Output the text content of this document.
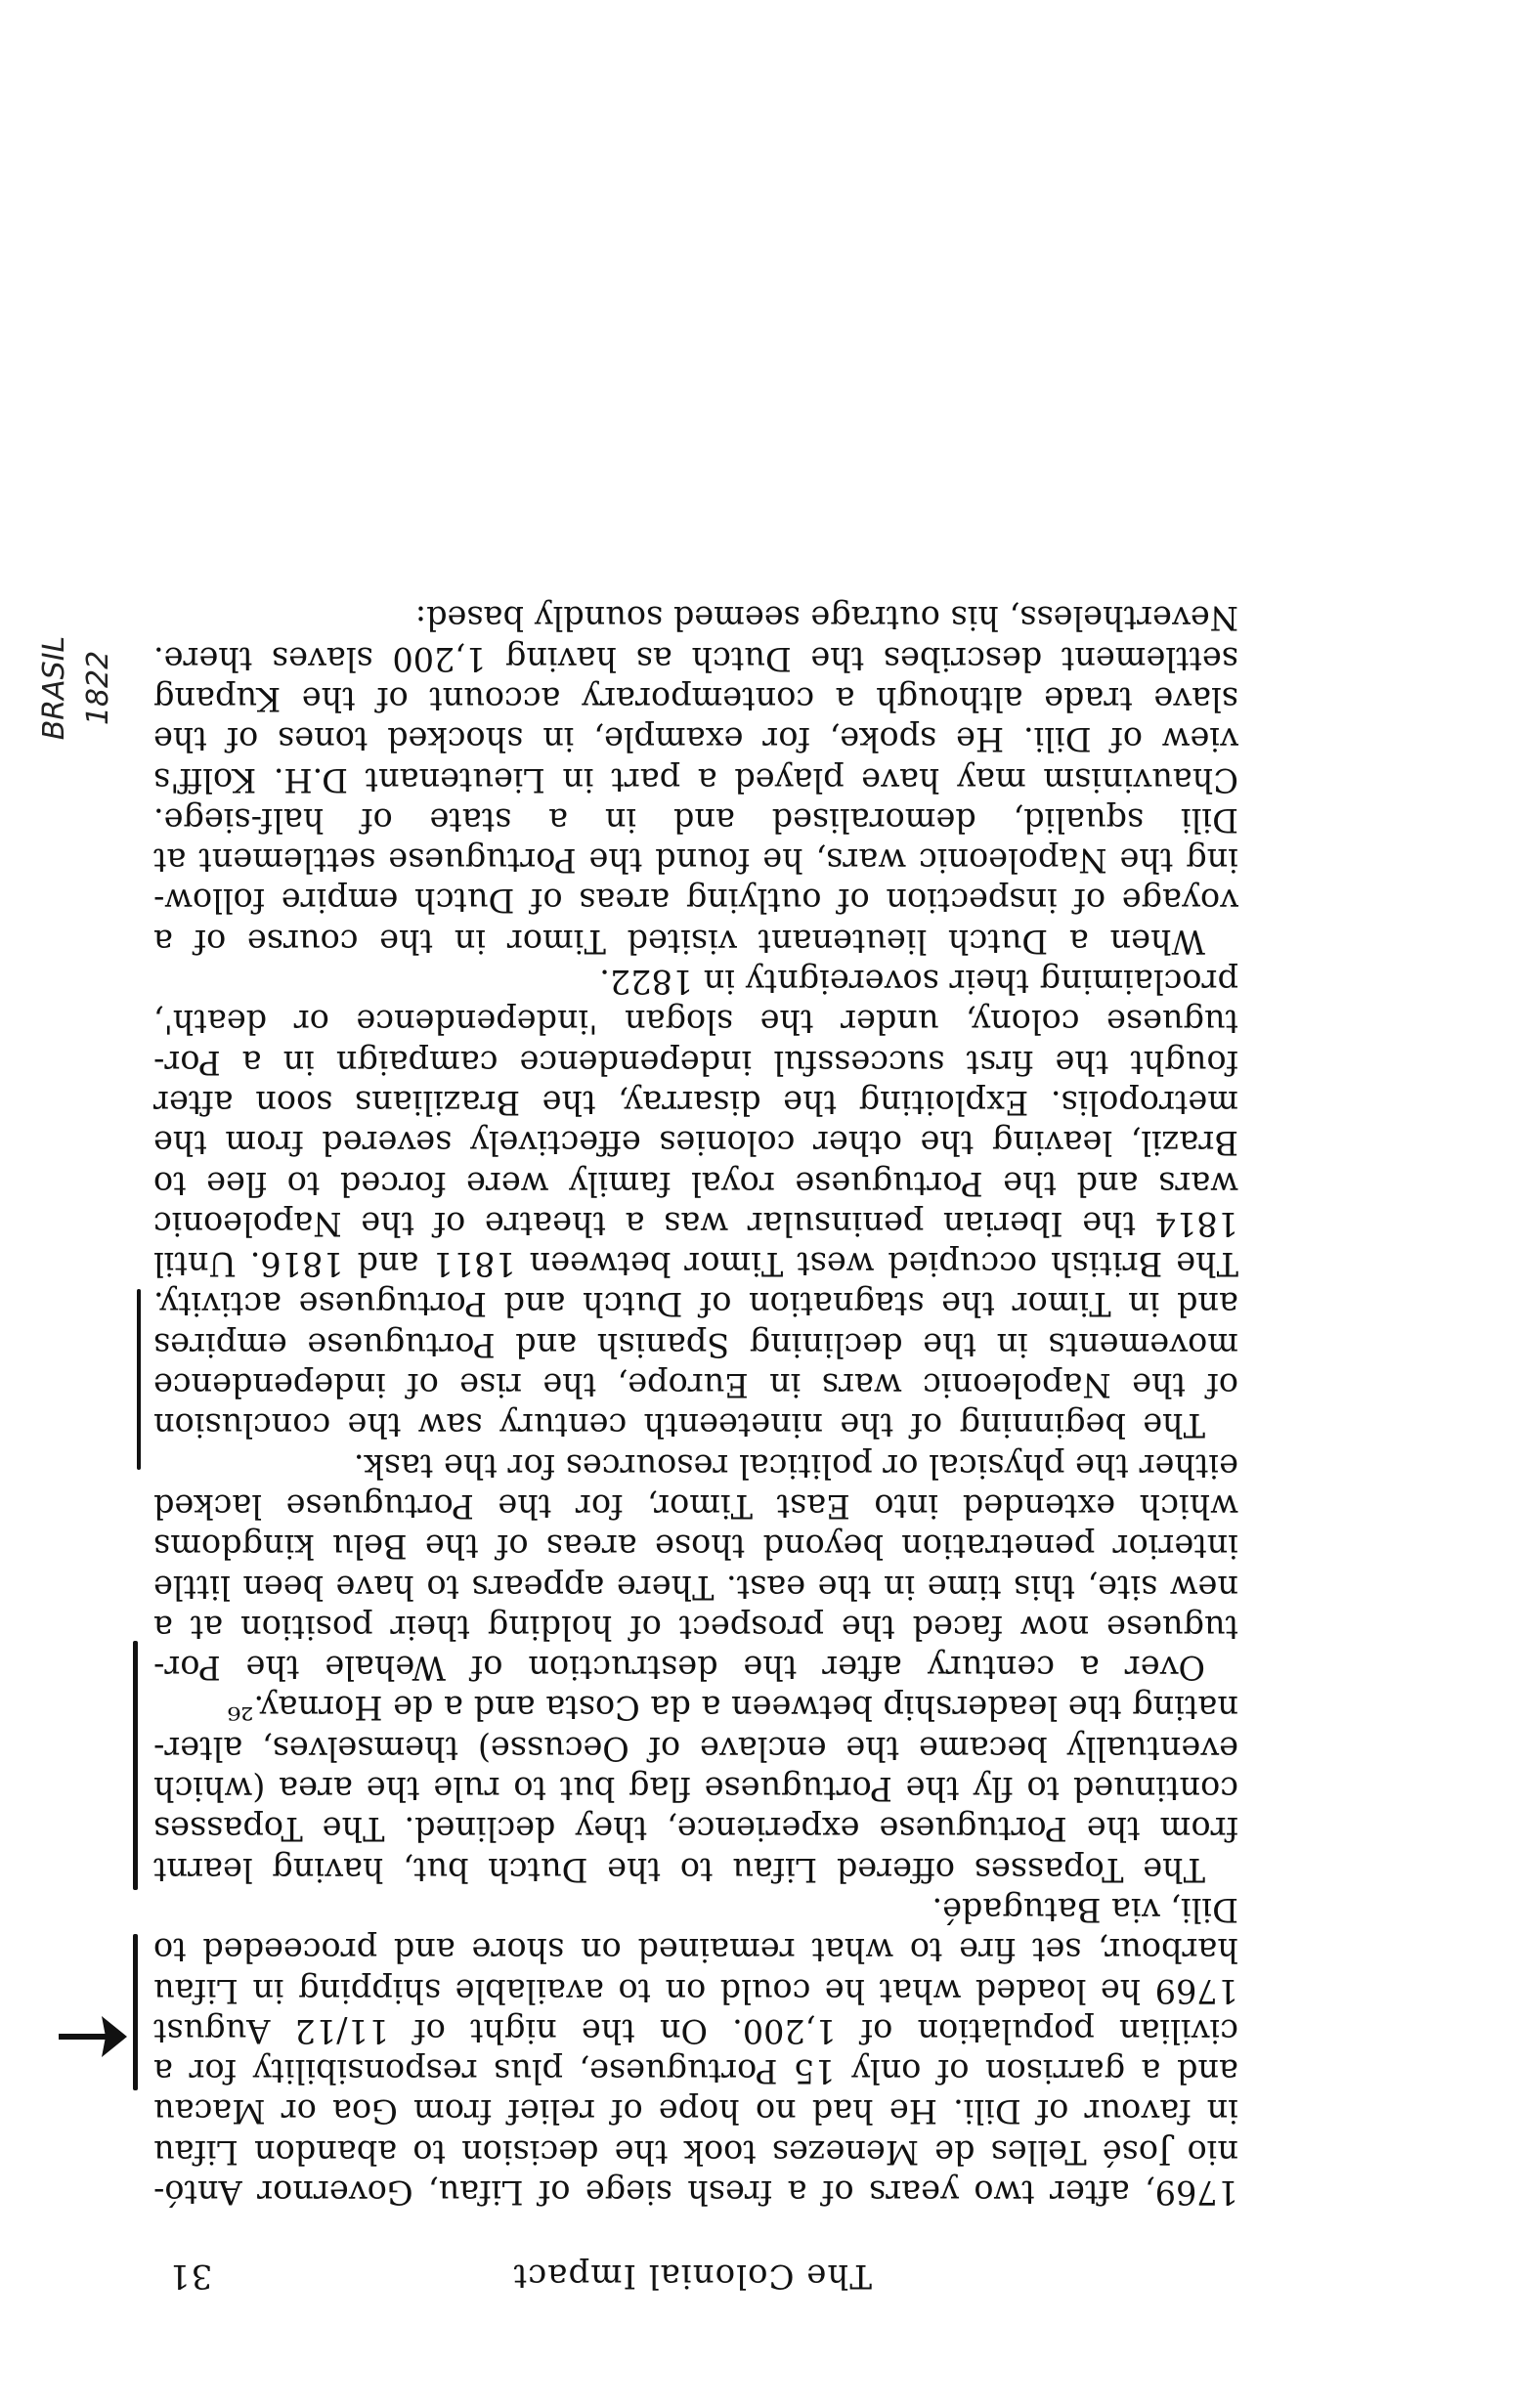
The Colonial Impact
31
1769, after two years of a fresh siege of Lifau, Governor Antó-
nio José Telles de Menezes took the decision to abandon Lifau
in favour of Dili. He had no hope of relief from Goa or Macau
and a garrison of only 15 Portuguese, plus responsibility for a
civilian population of 1,200. On the night of 11/12 August
1769 he loaded what he could on to available shipping in Lifau
harbour, set fire to what remained on shore and proceeded to
Dili, via Batugadé.
The Topasses offered Lifau to the Dutch but, having learnt
from the Portuguese experience, they declined. The Topasses
continued to fly the Portuguese flag but to rule the area (which
eventually became the enclave of Oecusse) themselves, alter-
nating the leadership between a da Costa and a de Hornay.²⁶
Over a century after the destruction of Wehale the Por-
tuguese now faced the prospect of holding their position at a
new site, this time in the east. There appears to have been little
interior penetration beyond those areas of the Belu kingdoms
which extended into East Timor, for the Portuguese lacked
either the physical or political resources for the task.
The beginning of the nineteenth century saw the conclusion
of the Napoleonic wars in Europe, the rise of independence
movements in the declining Spanish and Portuguese empires
and in Timor the stagnation of Dutch and Portuguese activity.
The British occupied west Timor between 1811 and 1816. Until
1814 the Iberian peninsular was a theatre of the Napoleonic
wars and the Portuguese royal family were forced to flee to
Brazil, leaving the other colonies effectively severed from the
metropolis. Exploiting the disarray, the Brazilians soon after
fought the first successful independence campaign in a Por-
tuguese colony, under the slogan 'independence or death',
proclaiming their sovereignty in 1822.
When a Dutch lieutenant visited Timor in the course of a
voyage of inspection of outlying areas of Dutch empire follow-
ing the Napoleonic wars, he found the Portuguese settlement at
Dili squalid, demoralised and in a state of half-siege.
Chauvinism may have played a part in Lieutenant D.H. Kolff's
view of Dili. He spoke, for example, in shocked tones of the
slave trade although a contemporary account of the Kupang
settlement describes the Dutch as having 1,200 slaves there.
Nevertheless, his outrage seemed soundly based:
BRASIL 1822
